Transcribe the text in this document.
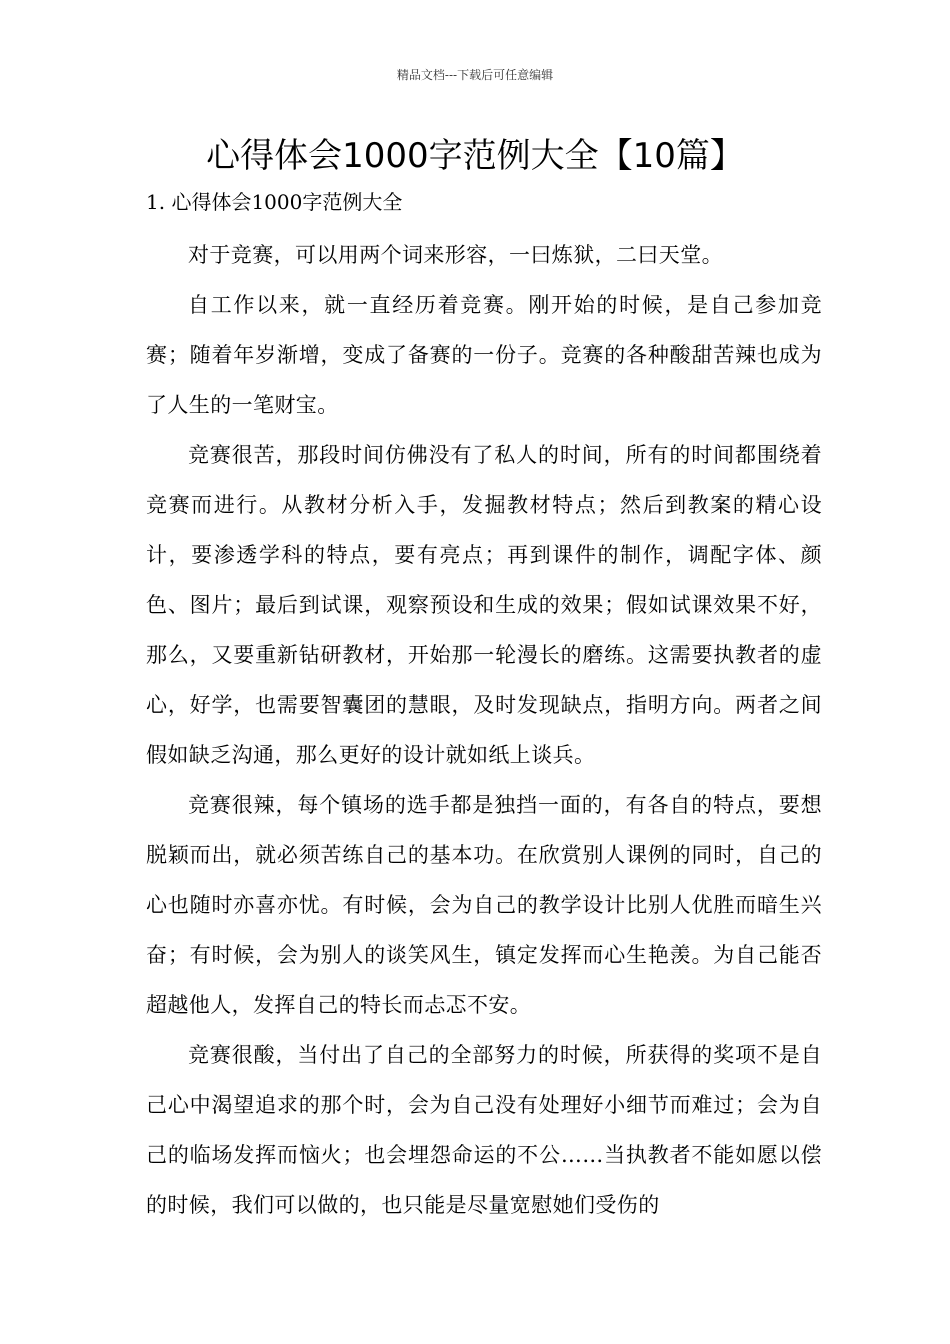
精品文档---下载后可任意编辑
心得体会1000字范例大全【10篇】
1. 心得体会1000字范例大全

对于竞赛，可以用两个词来形容，一曰炼狱，二曰天堂。

自工作以来，就一直经历着竞赛。刚开始的时候，是自己参加竞赛；随着年岁渐增，变成了备赛的一份子。竞赛的各种酸甜苦辣也成为了人生的一笔财宝。

竞赛很苦，那段时间仿佛没有了私人的时间，所有的时间都围绕着竞赛而进行。从教材分析入手，发掘教材特点；然后到教案的精心设计，要渗透学科的特点，要有亮点；再到课件的制作，调配字体、颜色、图片；最后到试课，观察预设和生成的效果；假如试课效果不好，那么，又要重新钻研教材，开始那一轮漫长的磨练。这需要执教者的虚心，好学，也需要智囊团的慧眼，及时发现缺点，指明方向。两者之间假如缺乏沟通，那么更好的设计就如纸上谈兵。

竞赛很辣，每个镇场的选手都是独挡一面的，有各自的特点，要想脱颖而出，就必须苦练自己的基本功。在欣赏别人课例的同时，自己的心也随时亦喜亦忧。有时候，会为自己的教学设计比别人优胜而暗生兴奋；有时候，会为别人的谈笑风生，镇定发挥而心生艳羡。为自己能否超越他人，发挥自己的特长而忐忑不安。

竞赛很酸，当付出了自己的全部努力的时候，所获得的奖项不是自己心中渴望追求的那个时，会为自己没有处理好小细节而难过；会为自己的临场发挥而恼火；也会埋怨命运的不公……当执教者不能如愿以偿的时候，我们可以做的，也只能是尽量宽慰她们受伤的
